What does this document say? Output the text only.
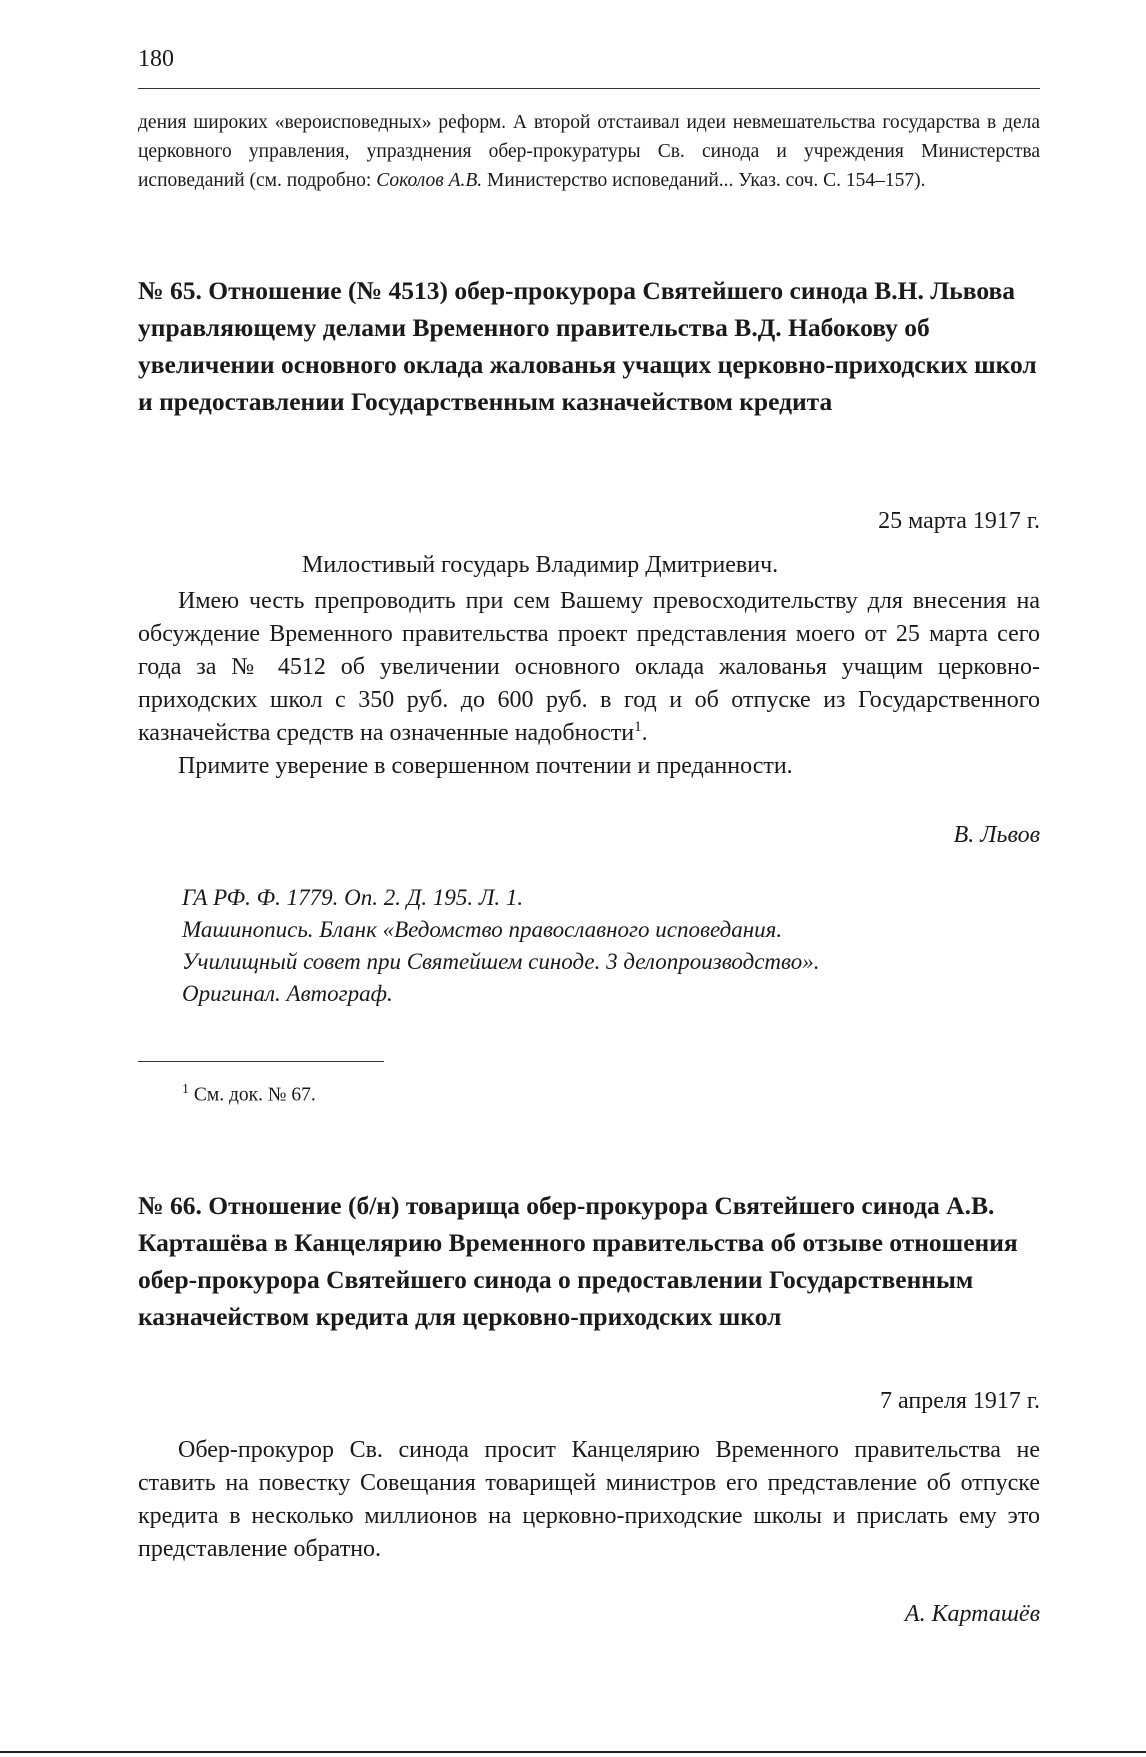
180
дения широких «вероисповедных» реформ. А второй отстаивал идеи невмешательства государства в дела церковного управления, упразднения обер-прокуратуры Св. синода и учреждения Министерства исповеданий (см. подробно: Соколов А.В. Министерство исповеданий... Указ. соч. С. 154–157).
№ 65. Отношение (№ 4513) обер-прокурора Святейшего синода В.Н. Львова управляющему делами Временного правительства В.Д. Набокову об увеличении основного оклада жалованья учащих церковно-приходских школ и предоставлении Государственным казначейством кредита
25 марта 1917 г.
Милостивый государь Владимир Дмитриевич.

Имею честь препроводить при сем Вашему превосходительству для внесения на обсуждение Временного правительства проект представления моего от 25 марта сего года за № 4512 об увеличении основного оклада жалованья учащим церковно-приходских школ с 350 руб. до 600 руб. в год и об отпуске из Государственного казначейства средств на означенные надобности$^1$.

Примите уверение в совершенном почтении и преданности.

В. Львов
ГА РФ. Ф. 1779. Оп. 2. Д. 195. Л. 1.
Машинопись. Бланк «Ведомство православного исповедания.
Училищный совет при Святейшем синоде. 3 делопроизводство».
Оригинал. Автограф.
$^1$ См. док. № 67.
№ 66. Отношение (б/н) товарища обер-прокурора Святейшего синода А.В. Карташёва в Канцелярию Временного правительства об отзыве отношения обер-прокурора Святейшего синода о предоставлении Государственным казначейством кредита для церковно-приходских школ
7 апреля 1917 г.

Обер-прокурор Св. синода просит Канцелярию Временного правительства не ставить на повестку Совещания товарищей министров его представление об отпуске кредита в несколько миллионов на церковно-приходские школы и прислать ему это представление обратно.

А. Карташёв
